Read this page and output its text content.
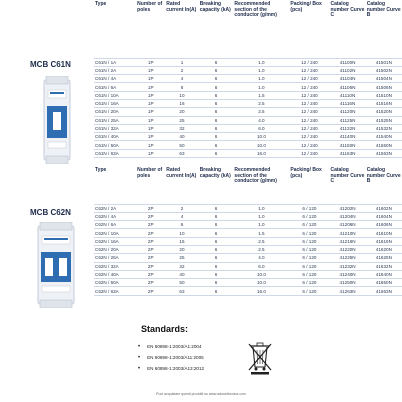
MCB C61N
Type	Number of poles	Rated current In(A)	Breaking capacity (kA)	Recommended section of the conductor (g/mm)	Packing/ Box (pcs)	Catalog number Curve C	Catalog number Curve B
C61N / 1A	1P	1	6	1.0	12 / 240	41100N	41501N
C61N / 2A	1P	2	6	1.0	12 / 240	41102N	41502N
C61N / 4A	1P	4	6	1.0	12 / 240	41104N	41504N
C61N / 6A	1P	6	6	1.0	12 / 240	41106N	41506N
C61N / 10A	1P	10	6	1.5	12 / 240	41110N	41510N
C61N / 16A	1P	16	6	2.5	12 / 240	41116N	41516N
C61N / 20A	1P	20	6	2.5	12 / 240	41120N	41520N
C61N / 25A	1P	25	6	4.0	12 / 240	41125N	41525N
C61N / 32A	1P	32	6	6.0	12 / 240	41132N	41532N
C61N / 40A	1P	40	6	10.0	12 / 240	41140N	41540N
C61N / 50A	1P	50	6	10.0	12 / 240	41150N	41550N
C61N / 63A	1P	63	6	16.0	12 / 240	41163N	41563N
MCB C62N
Type	Number of poles	Rated current In(A)	Breaking capacity (kA)	Recommended section of the conductor (g/mm)	Packing/ Box (pcs)	Catalog number Curve C	Catalog number Curve B
C62N / 2A	2P	2	6	1.0	6 / 120	41202N	41602N
C62N / 4A	2P	4	6	1.0	6 / 120	41204N	41604N
C62N / 6A	2P	6	6	1.0	6 / 120	41206N	41606N
C62N / 10A	2P	10	6	1.5	6 / 120	41210N	41610N
C62N / 16A	2P	16	6	2.5	6 / 120	41216N	41616N
C62N / 20A	2P	20	6	2.5	6 / 120	41220N	41620N
C62N / 25A	2P	25	6	4.0	6 / 120	41225N	41625N
C62N / 32A	2P	32	6	6.0	6 / 120	41232N	41632N
C62N / 40A	2P	40	6	10.0	6 / 120	41240N	41640N
C62N / 50A	2P	50	6	10.0	6 / 120	41250N	41650N
C62N / 63A	2P	63	6	16.0	6 / 120	41263N	41663N
Standards:
• EN 60898-1:2003/A1:2004
• EN 60898-1:2003/A11:2005
• EN 60898-1:2003/A13:2012
Puoi acquistare questi prodotti su www.adusettronica.com
